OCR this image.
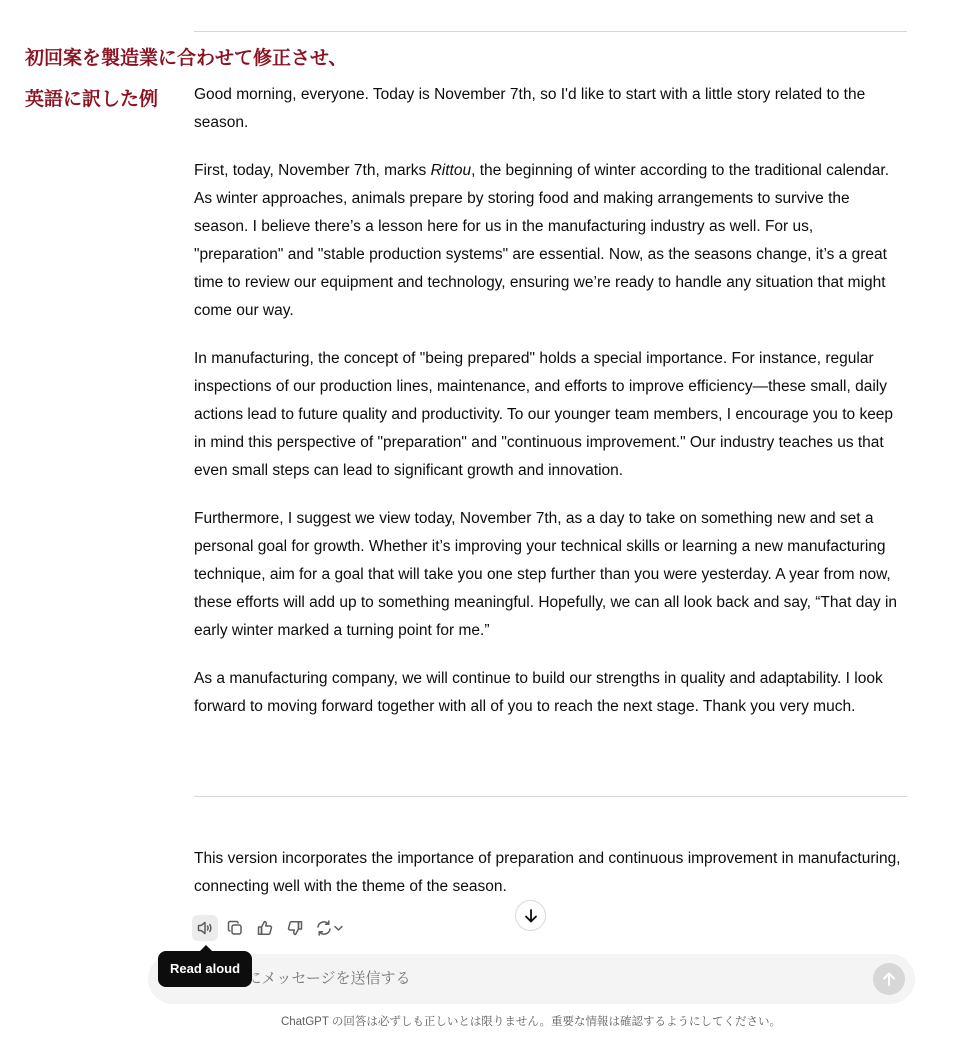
初回案を製造業に合わせて修正させ、
英語に訳した例 Good morning, everyone. Today is November 7th, so I'd like to start with a little story related to the season.

First, today, November 7th, marks Rittou, the beginning of winter according to the traditional calendar. As winter approaches, animals prepare by storing food and making arrangements to survive the season. I believe there’s a lesson here for us in the manufacturing industry as well. For us, "preparation" and "stable production systems" are essential. Now, as the seasons change, it’s a great time to review our equipment and technology, ensuring we’re ready to handle any situation that might come our way.

In manufacturing, the concept of "being prepared" holds a special importance. For instance, regular inspections of our production lines, maintenance, and efforts to improve efficiency—these small, daily actions lead to future quality and productivity. To our younger team members, I encourage you to keep in mind this perspective of "preparation" and "continuous improvement." Our industry teaches us that even small steps can lead to significant growth and innovation.

Furthermore, I suggest we view today, November 7th, as a day to take on something new and set a personal goal for growth. Whether it’s improving your technical skills or learning a new manufacturing technique, aim for a goal that will take you one step further than you were yesterday. A year from now, these efforts will add up to something meaningful. Hopefully, we can all look back and say, “That day in early winter marked a turning point for me.”

As a manufacturing company, we will continue to build our strengths in quality and adaptability. I look forward to moving forward together with all of you to reach the next stage. Thank you very much.

This version incorporates the importance of preparation and continuous improvement in manufacturing, connecting well with the theme of the season.

ChatGPT にメッセージを送信する
Read aloud
ChatGPT の回答は必ずしも正しいとは限りません。重要な情報は確認するようにしてください。
